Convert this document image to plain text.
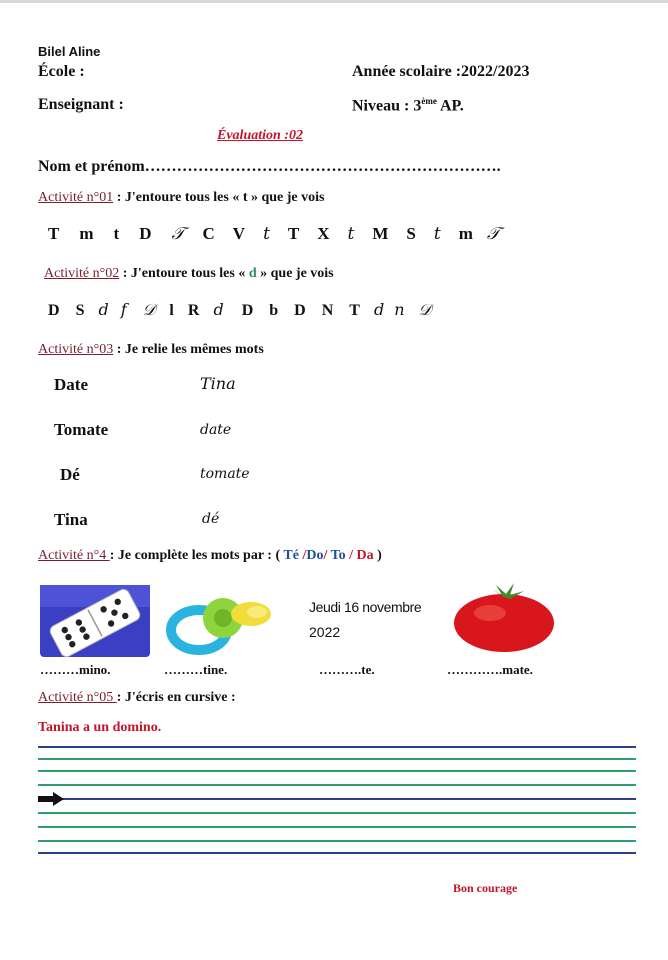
Bilel Aline
École :	Année scolaire :2022/2023
Enseignant :	Niveau : 3ème AP.
Évaluation :02
Nom et prénom………………………………………………………….
Activité n°01 : J'entoure tous les « t » que je vois
T m t D 𝒯 C V t T X t M S t m 𝒯
Activité n°02 : J'entoure tous les « d » que je vois
D S d f 𝒟 l R d D b D N T d n 𝒟
Activité n°03 : Je relie les mêmes mots
Date
Tomate
Dé
Tina
Tina
date
tomate
dé
Activité n°4 : Je complète les mots par : ( Té /Do/ To / Da )
Jeudi 16 novembre
2022
………mino.	………tine.	……….te.	………….mate.
Activité n°05 : J'écris en cursive :
Tanina a un domino.
Bon courage
